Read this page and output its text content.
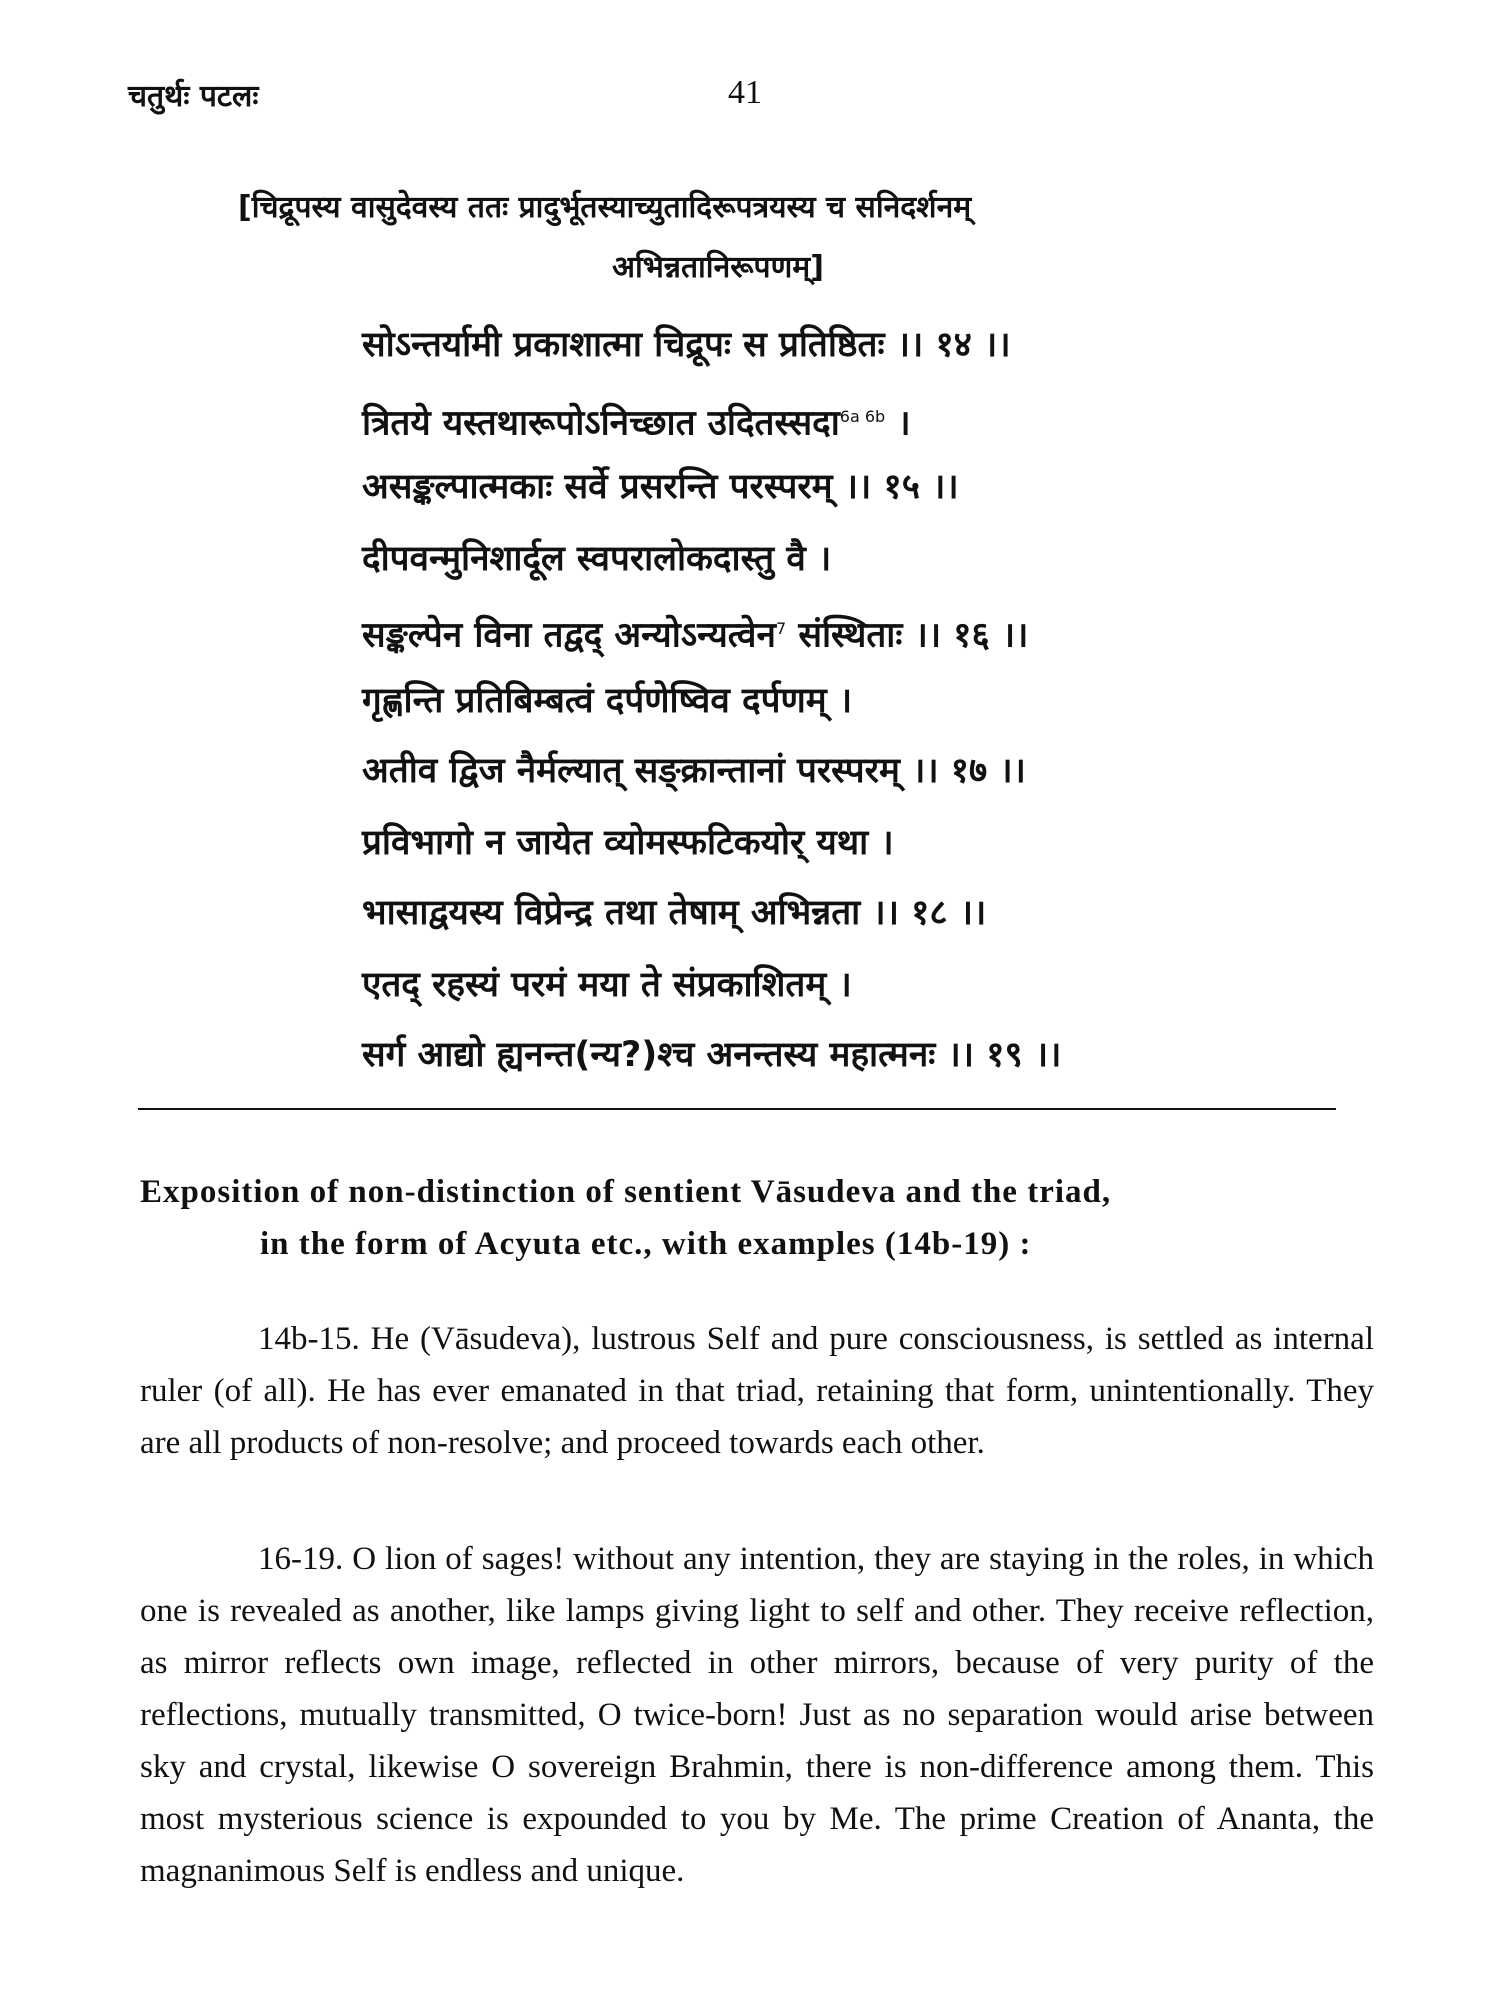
चतुर्थः पटलः	41
[चिद्रूपस्य वासुदेवस्य ततः प्रादुर्भूतस्याच्युतादिरूपत्रयस्य च सनिदर्शनम्
अभिन्नतानिरूपणम्]
सोऽन्तर्यामी प्रकाशात्मा चिद्रूपः स प्रतिष्ठितः ।। १४ ।।
त्रितये यस्तथारूपोऽनिच्छात उदितस्सदा$^{6a 6b}$ ।
असङ्कल्पात्मकाः सर्वे प्रसरन्ति परस्परम् ।। १५ ।।
दीपवन्मुनिशार्दूल स्वपरालोकदास्तु वै ।
सङ्कल्पेन विना तद्वद् अन्योऽन्यत्वेन$^7$ संस्थिताः ।। १६ ।।
गृह्णन्ति प्रतिबिम्बत्वं दर्पणेष्विव दर्पणम् ।
अतीव द्विज नैर्मल्यात् सङ्क्रान्तानां परस्परम् ।। १७ ।।
प्रविभागो न जायेत व्योमस्फटिकयोर् यथा ।
भासाद्वयस्य विप्रेन्द्र तथा तेषाम् अभिन्नता ।। १८ ।।
एतद् रहस्यं परमं मया ते संप्रकाशितम् ।
सर्ग आद्यो ह्यनन्त(न्य?)श्च अनन्तस्य महात्मनः ।। १९ ।।
Exposition of non-distinction of sentient Vāsudeva and the triad,
in the form of Acyuta etc., with examples (14b-19) :

14b-15. He (Vāsudeva), lustrous Self and pure consciousness, is settled as internal ruler (of all). He has ever emanated in that triad, retaining that form, unintentionally. They are all products of non-resolve; and proceed towards each other.

16-19. O lion of sages! without any intention, they are staying in the roles, in which one is revealed as another, like lamps giving light to self and other. They receive reflection, as mirror reflects own image, reflected in other mirrors, because of very purity of the reflections, mutually transmitted, O twice-born! Just as no separation would arise between sky and crystal, likewise O sovereign Brahmin, there is non-difference among them. This most mysterious science is expounded to you by Me. The prime Creation of Ananta, the magnanimous Self is endless and unique.
